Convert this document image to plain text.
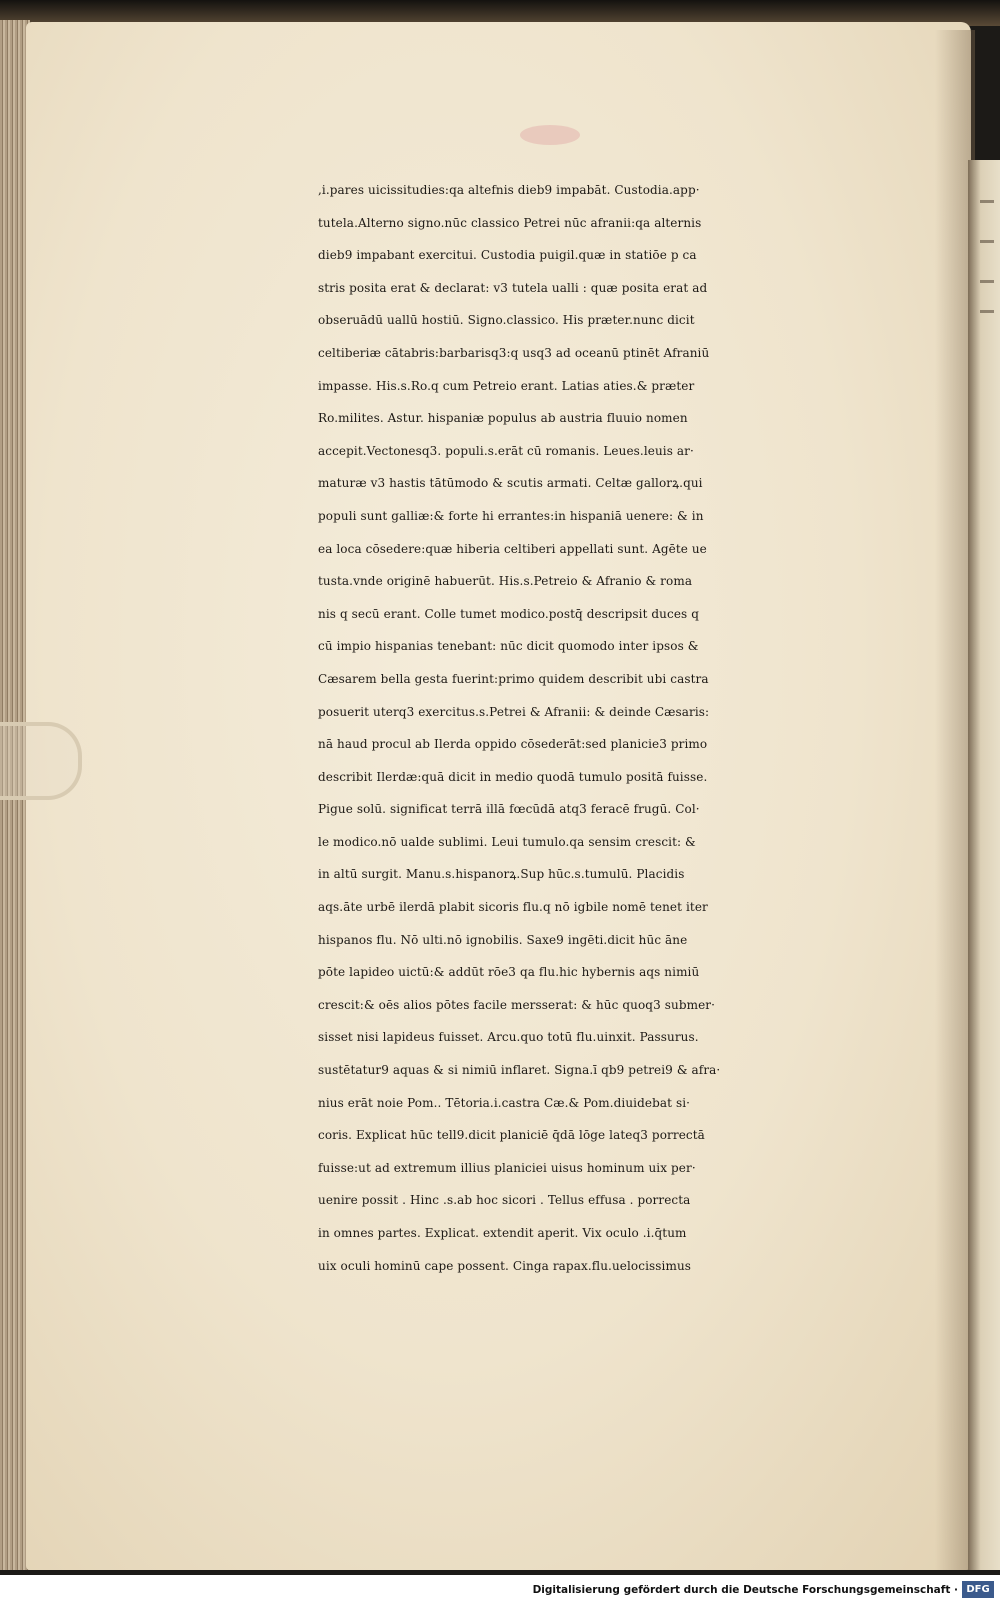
,i.pares uicissitudies:qa altefnis dieb9 impabāt. Custodia.app·
tutela.Alterno signo.nūc classico Petrei nūc afranii:qa alternis
dieb9 impabant exercitui. Custodia puigil.quæ in statiōe p ca
stris posita erat & declarat: v3 tutela ualli : quæ posita erat ad
obseruādū uallū hostiū. Signo.classico. His præter.nunc dicit
celtiberiæ cātabris:barbarisq3:q usq3 ad oceanū ptinēt Afraniū
impasse. His.s.Ro.q cum Petreio erant. Latias aties.& præter
Ro.milites. Astur. hispaniæ populus ab austria fluuio nomen
accepit.Vectonesq3. populi.s.erāt cū romanis. Leues.leuis ar·
maturæ v3 hastis tātūmodo & scutis armati. Celtæ gallorꝝ.qui
populi sunt galliæ:& forte hi errantes:in hispaniā uenere: & in
ea loca cōsedere:quæ hiberia celtiberi appellati sunt. Agēte ue
tusta.vnde originē habuerūt. His.s.Petreio & Afranio & roma
nis q secū erant. Colle tumet modico.postq̄ descripsit duces q
cū impio hispanias tenebant: nūc dicit quomodo inter ipsos &
Cæsarem bella gesta fuerint:primo quidem describit ubi castra
posuerit uterq3 exercitus.s.Petrei & Afranii: & deinde Cæsaris:
nā haud procul ab Ilerda oppido cōsederāt:sed planicie3 primo
describit Ilerdæ:quā dicit in medio quodā tumulo positā fuisse.
Pigue solū. significat terrā illā fœcūdā atq3 feracē frugū. Col·
le modico.nō ualde sublimi. Leui tumulo.qa sensim crescit: &
in altū surgit. Manu.s.hispanorꝝ.Sup hūc.s.tumulū. Placidis
aqs.āte urbē ilerdā plabit sicoris flu.q nō igbile nomē tenet iter
hispanos flu. Nō ulti.nō ignobilis. Saxe9 ingēti.dicit hūc āne
pōte lapideo uictū:& addūt rōe3 qa flu.hic hybernis aqs nimiū
crescit:& oēs alios pōtes facile mersserat: & hūc quoq3 submer·
sisset nisi lapideus fuisset. Arcu.quo totū flu.uinxit. Passurus.
sustētatur9 aquas & si nimiū inflaret. Signa.ī qb9 petrei9 & afra·
nius erāt noie Pom.. Tētoria.i.castra Cæ.& Pom.diuidebat si·
coris. Explicat hūc tell9.dicit planiciē q̄dā lōge lateq3 porrectā
fuisse:ut ad extremum illius planiciei uisus hominum uix per·
uenire possit . Hinc .s.ab hoc sicori . Tellus effusa . porrecta
in omnes partes. Explicat. extendit aperit. Vix oculo .i.q̄tum
uix oculi hominū cape possent. Cinga rapax.flu.uelocissimus
Digitalisierung gefördert durch die Deutsche Forschungsgemeinschaft · DFG
